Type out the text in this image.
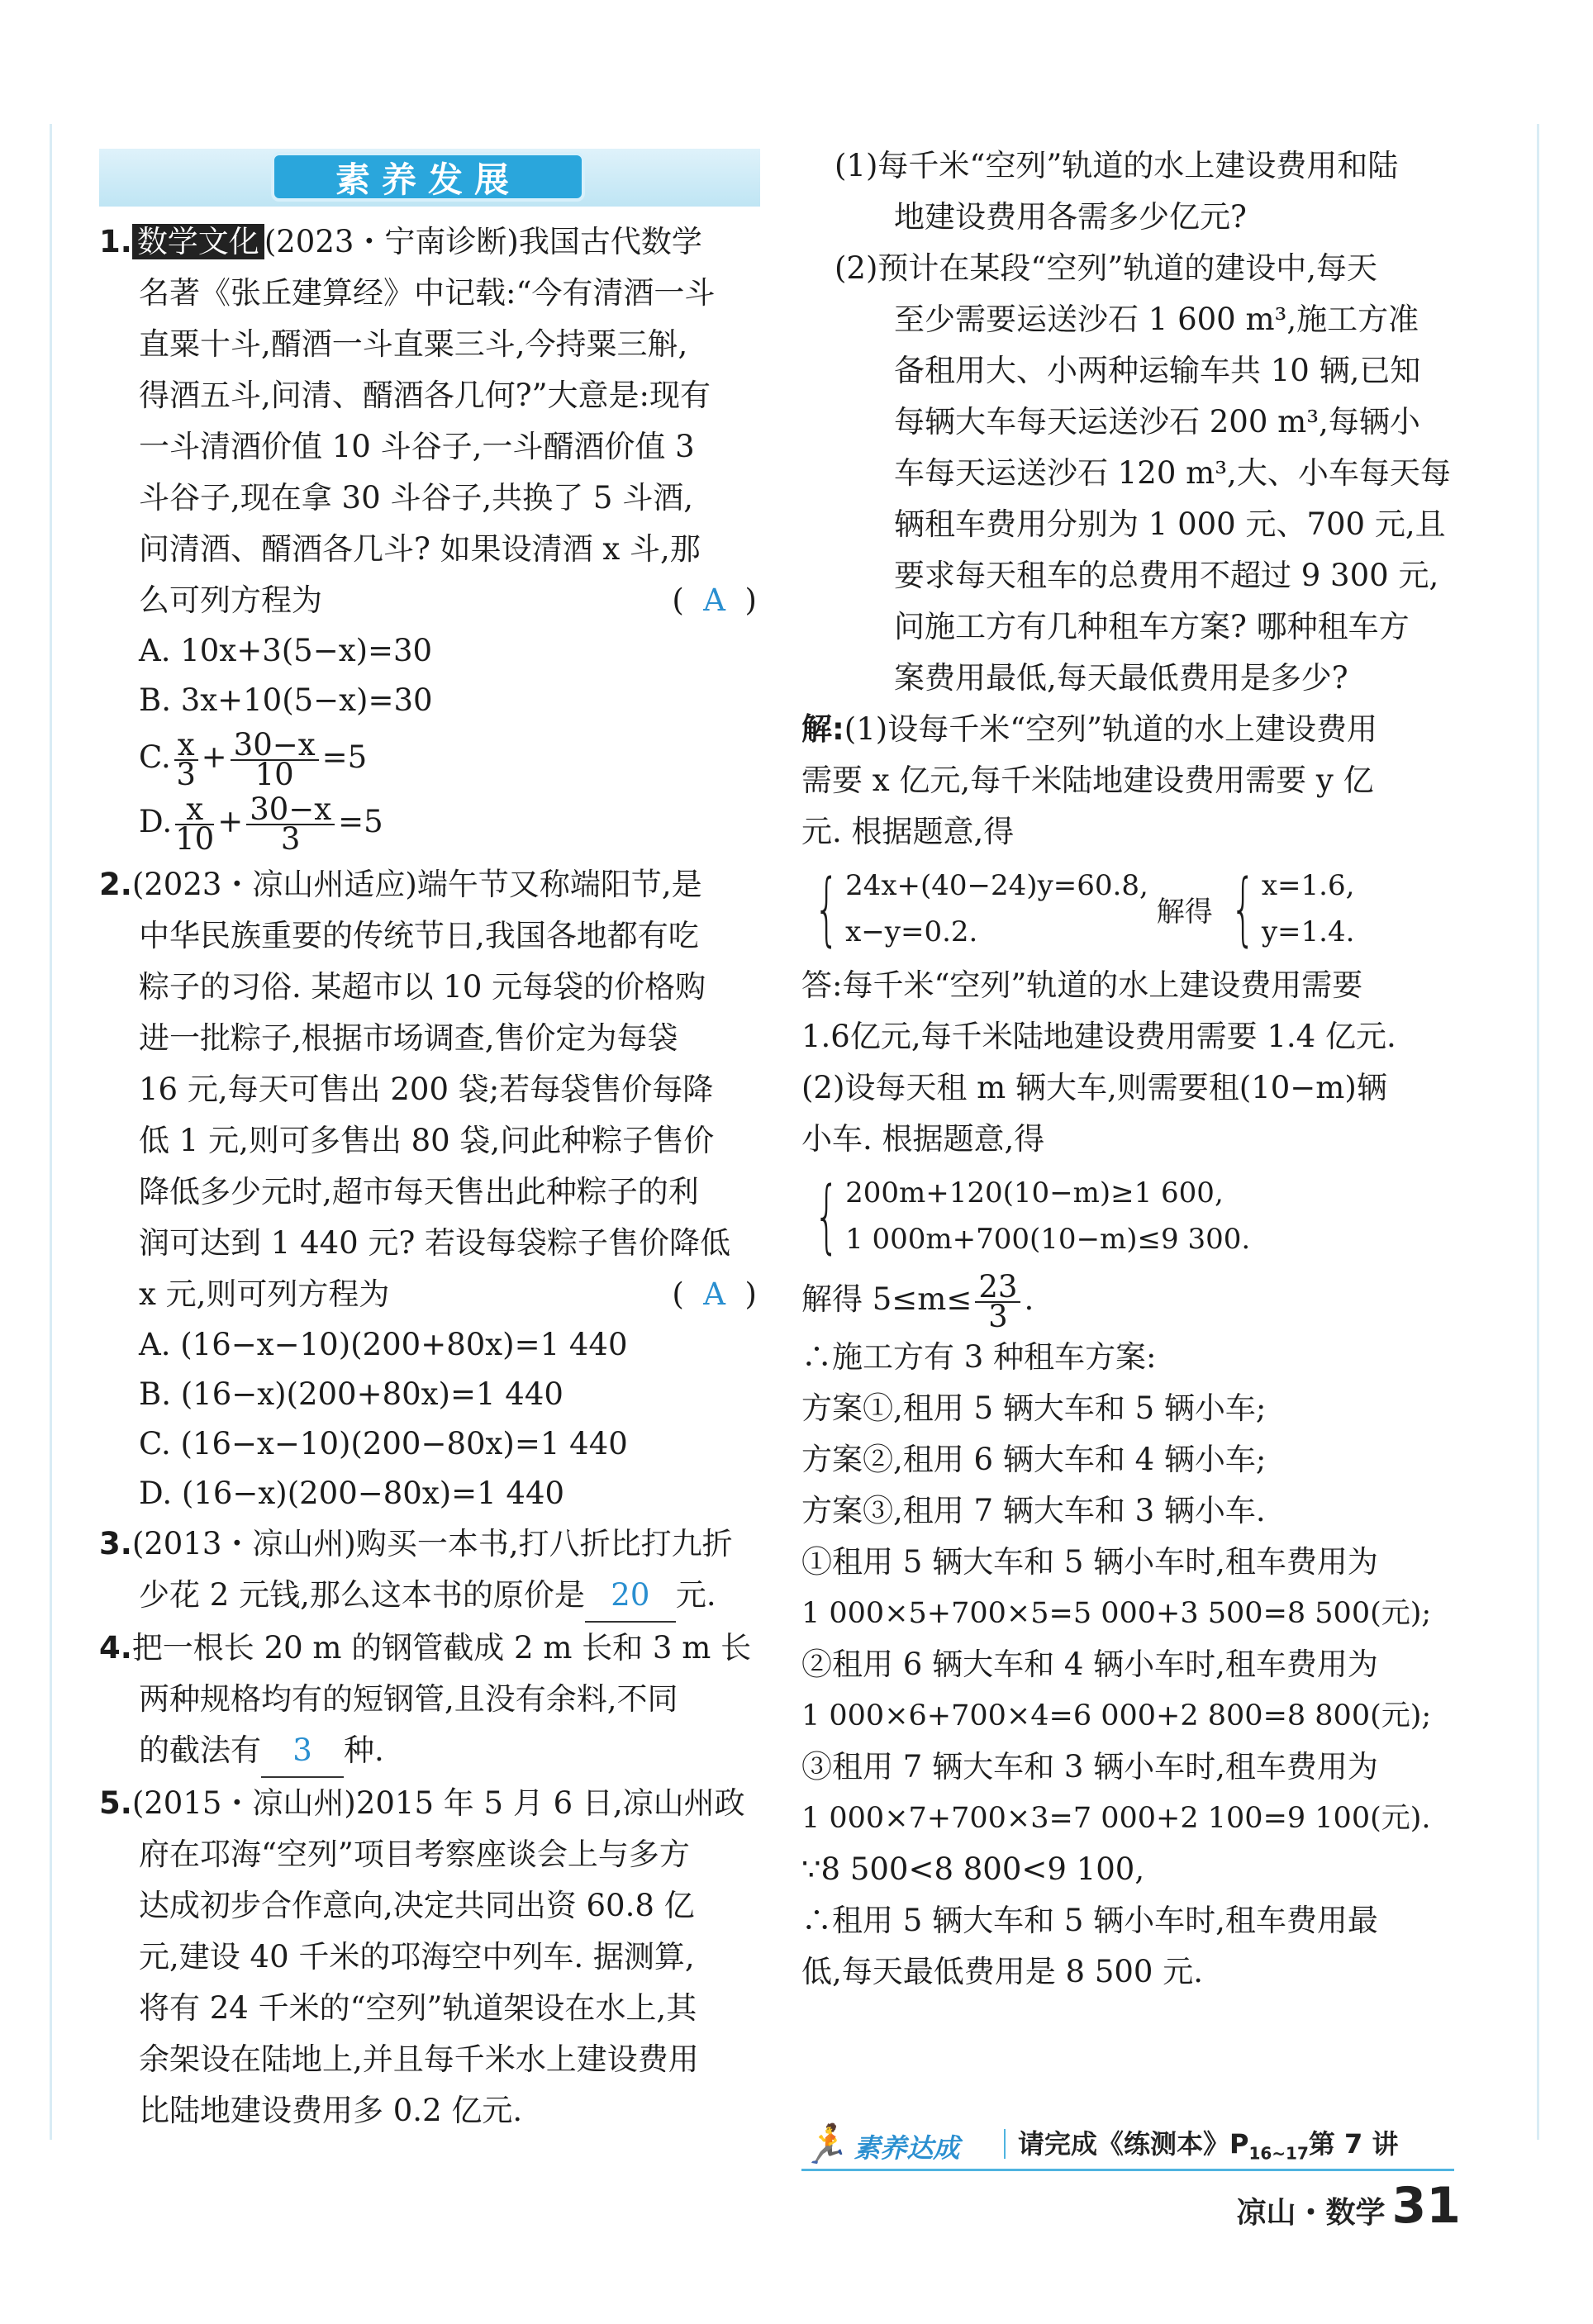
素养发展
1. 数学文化 (2023・宁南诊断)我国古代数学
名著《张丘建算经》中记载:“今有清酒一斗
直粟十斗,醑酒一斗直粟三斗,今持粟三斛,
得酒五斗,问清、醑酒各几何?”大意是:现有
一斗清酒价值 10 斗谷子,一斗醑酒价值 3
斗谷子,现在拿 30 斗谷子,共换了 5 斗酒,
问清酒、醑酒各几斗? 如果设清酒 x 斗,那
么可列方程为	(  A  )
A. 10x+3(5−x)=30
B. 3x+10(5−x)=30
C. $\frac{x}{3} + \frac{30-x}{10} =5$
D. $\frac{x}{10} + \frac{30-x}{3} =5$
2.(2023・凉山州适应)端午节又称端阳节,是
中华民族重要的传统节日,我国各地都有吃
粽子的习俗. 某超市以 10 元每袋的价格购
进一批粽子,根据市场调查,售价定为每袋
16 元,每天可售出 200 袋;若每袋售价每降
低 1 元,则可多售出 80 袋,问此种粽子售价
降低多少元时,超市每天售出此种粽子的利
润可达到 1 440 元? 若设每袋粽子售价降低
x 元,则可列方程为	(  A  )
A. (16−x−10)(200+80x)=1 440
B. (16−x)(200+80x)=1 440
C. (16−x−10)(200−80x)=1 440
D. (16−x)(200−80x)=1 440
3.(2013・凉山州)购买一本书,打八折比打九折
少花 2 元钱,那么这本书的原价是 20 元.
4.把一根长 20 m 的钢管截成 2 m 长和 3 m 长
两种规格均有的短钢管,且没有余料,不同
的截法有 3 种.
5.(2015・凉山州)2015 年 5 月 6 日,凉山州政
府在邛海“空列”项目考察座谈会上与多方
达成初步合作意向,决定共同出资 60.8 亿
元,建设 40 千米的邛海空中列车. 据测算,
将有 24 千米的“空列”轨道架设在水上,其
余架设在陆地上,并且每千米水上建设费用
比陆地建设费用多 0.2 亿元.
(1)每千米“空列”轨道的水上建设费用和陆
地建设费用各需多少亿元?
(2)预计在某段“空列”轨道的建设中,每天
至少需要运送沙石 1 600 m³,施工方准
备租用大、小两种运输车共 10 辆,已知
每辆大车每天运送沙石 200 m³,每辆小
车每天运送沙石 120 m³,大、小车每天每
辆租车费用分别为 1 000 元、700 元,且
要求每天租车的总费用不超过 9 300 元,
问施工方有几种租车方案? 哪种租车方
案费用最低,每天最低费用是多少?
解:(1)设每千米“空列”轨道的水上建设费用
需要 x 亿元,每千米陆地建设费用需要 y 亿
元. 根据题意,得
{ 24x+(40−24)y=60.8,
x−y=0.2.
解得 { x=1.6,
y=1.4.
答:每千米“空列”轨道的水上建设费用需要
1.6亿元,每千米陆地建设费用需要 1.4 亿元.
(2)设每天租 m 辆大车,则需要租(10−m)辆
小车. 根据题意,得
{ 200m+120(10−m)≥1 600,
1 000m+700(10−m)≤9 300.
解得 $5\le m\le \frac{23}{3}$ .
∴施工方有 3 种租车方案:
方案①,租用 5 辆大车和 5 辆小车;
方案②,租用 6 辆大车和 4 辆小车;
方案③,租用 7 辆大车和 3 辆小车.
①租用 5 辆大车和 5 辆小车时,租车费用为
1 000×5+700×5=5 000+3 500=8 500(元);
②租用 6 辆大车和 4 辆小车时,租车费用为
1 000×6+700×4=6 000+2 800=8 800(元);
③租用 7 辆大车和 3 辆小车时,租车费用为
1 000×7+700×3=7 000+2 100=9 100(元).
∵8 500<8 800<9 100,
∴租用 5 辆大车和 5 辆小车时,租车费用最
低,每天最低费用是 8 500 元.
🏃 素养达成 请完成《练测本》$P_{16\sim 17}$第 7 讲
凉山・数学 31
